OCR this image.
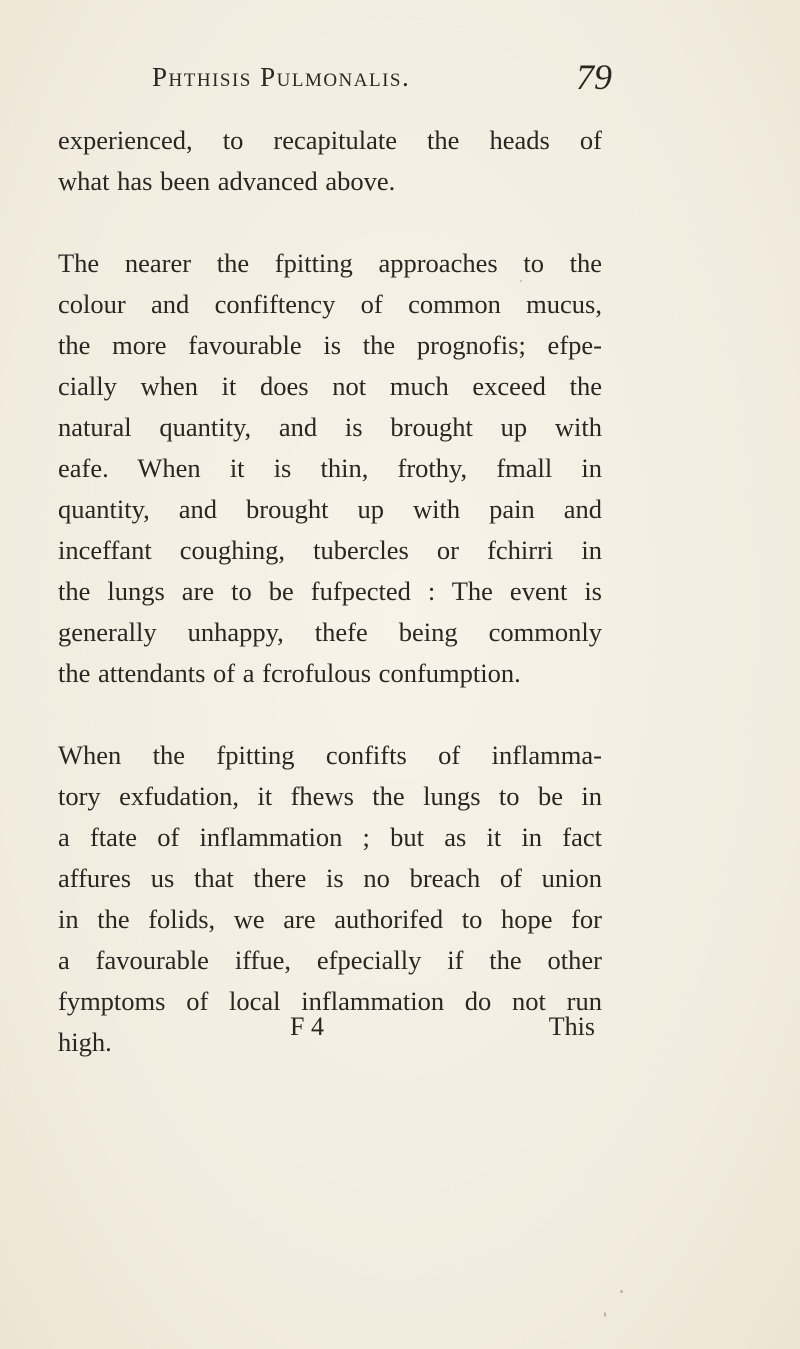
Phthisis Pulmonalis.	79

experienced, to recapitulate the heads of
what has been advanced above.

The nearer the fpitting approaches to the
colour and confiftency of common mucus,
the more favourable is the prognofis; efpe-
cially when it does not much exceed the
natural quantity, and is brought up with
eafe. When it is thin, frothy, fmall in
quantity, and brought up with pain and
inceffant coughing, tubercles or fchirri in
the lungs are to be fufpected : The event is
generally unhappy, thefe being commonly
the attendants of a fcrofulous confumption.

When the fpitting confifts of inflamma-
tory exfudation, it fhews the lungs to be in
a ftate of inflammation ; but as it in fact
affures us that there is no breach of union
in the folids, we are authorifed to hope for
a favourable iffue, efpecially if the other
fymptoms of local inflammation do not run
high.

F 4	This
